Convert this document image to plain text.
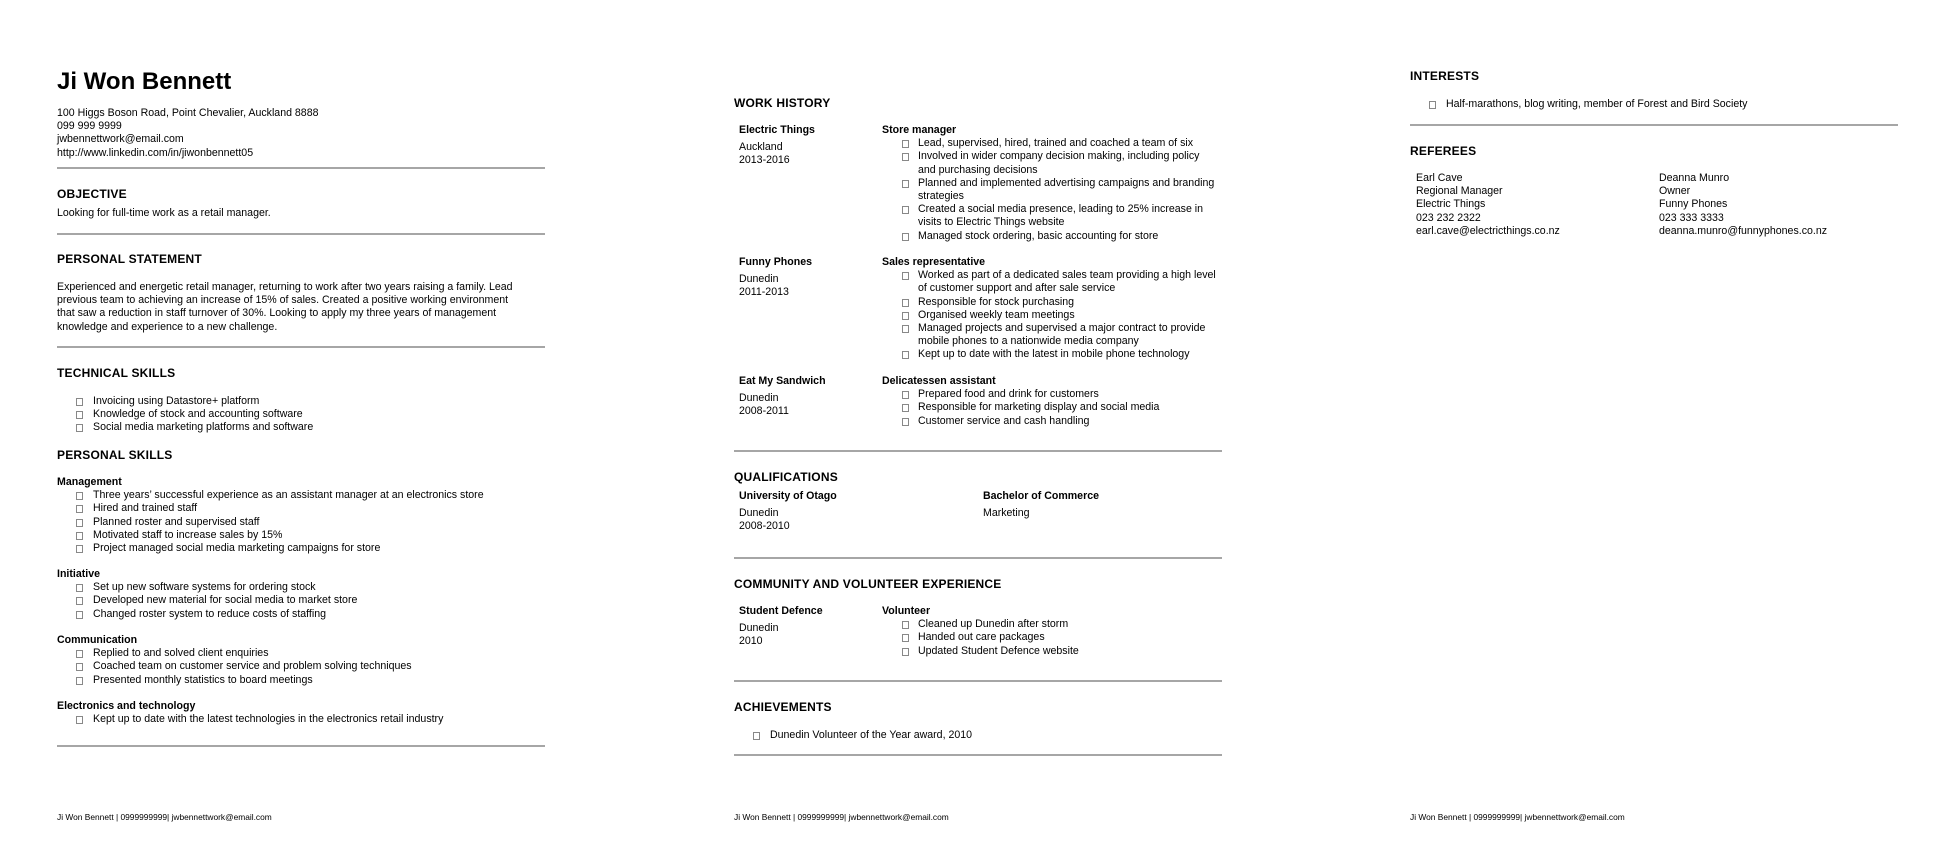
Ji Won Bennett
100 Higgs Boson Road, Point Chevalier, Auckland 8888
099 999 9999
jwbennettwork@email.com
http://www.linkedin.com/in/jiwonbennett05
OBJECTIVE
Looking for full-time work as a retail manager.
PERSONAL STATEMENT
Experienced and energetic retail manager, returning to work after two years raising a family. Lead
previous team to achieving an increase of 15% of sales. Created a positive working environment
that saw a reduction in staff turnover of 30%. Looking to apply my three years of management
knowledge and experience to a new challenge.
TECHNICAL SKILLS
Invoicing using Datastore+ platform
Knowledge of stock and accounting software
Social media marketing platforms and software
PERSONAL SKILLS
Management
Three years’ successful experience as an assistant manager at an electronics store
Hired and trained staff
Planned roster and supervised staff
Motivated staff to increase sales by 15%
Project managed social media marketing campaigns for store
Initiative
Set up new software systems for ordering stock
Developed new material for social media to market store
Changed roster system to reduce costs of staffing
Communication
Replied to and solved client enquiries
Coached team on customer service and problem solving techniques
Presented monthly statistics to board meetings
Electronics and technology
Kept up to date with the latest technologies in the electronics retail industry
Ji Won Bennett | 0999999999| jwbennettwork@email.com
WORK HISTORY
Electric Things
Auckland
2013-2016
Store manager
Lead, supervised, hired, trained and coached a team of six
Involved in wider company decision making, including policy and purchasing decisions
Planned and implemented advertising campaigns and branding strategies
Created a social media presence, leading to 25% increase in visits to Electric Things website
Managed stock ordering, basic accounting for store
Funny Phones
Dunedin
2011-2013
Sales representative
Worked as part of a dedicated sales team providing a high level of customer support and after sale service
Responsible for stock purchasing
Organised weekly team meetings
Managed projects and supervised a major contract to provide mobile phones to a nationwide media company
Kept up to date with the latest in mobile phone technology
Eat My Sandwich
Dunedin
2008-2011
Delicatessen assistant
Prepared food and drink for customers
Responsible for marketing display and social media
Customer service and cash handling
QUALIFICATIONS
University of Otago
Dunedin
2008-2010
Bachelor of Commerce
Marketing
COMMUNITY AND VOLUNTEER EXPERIENCE
Student Defence
Dunedin
2010
Volunteer
Cleaned up Dunedin after storm
Handed out care packages
Updated Student Defence website
ACHIEVEMENTS
Dunedin Volunteer of the Year award, 2010
Ji Won Bennett | 0999999999| jwbennettwork@email.com
INTERESTS
Half-marathons, blog writing, member of Forest and Bird Society
REFEREES
Earl Cave
Regional Manager
Electric Things
023 232 2322
earl.cave@electricthings.co.nz
Deanna Munro
Owner
Funny Phones
023 333 3333
deanna.munro@funnyphones.co.nz
Ji Won Bennett | 0999999999| jwbennettwork@email.com
